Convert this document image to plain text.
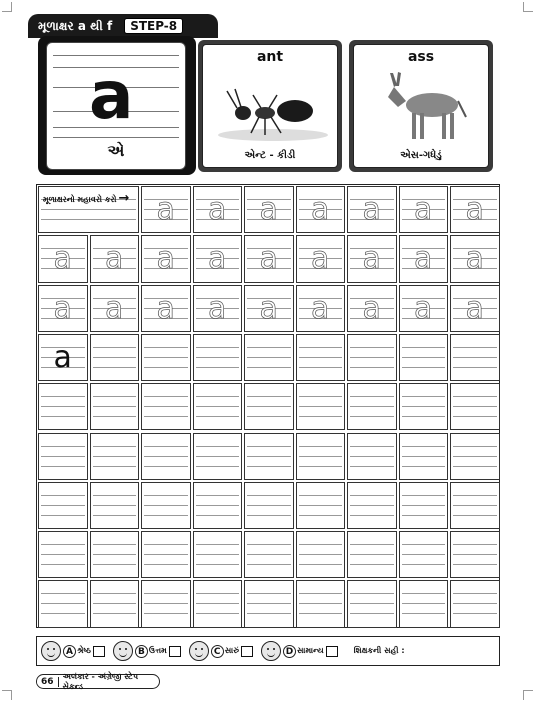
મૂળાક્ષર a થી f	STEP-8
a
એ
ant
એન્ટ - કીડી
ass
એસ-ગધેડું
મૂળાક્ષરનો મહાવરો કરો → a	a	a	a	a	a	a
a	a	a	a	a	a	a	a	a
a	a	a	a	a	a	a	a	a
a
A શ્રેષ્ઠ	B ઉત્તમ	C સારું	D સામાન્ય	શિક્ષકની સહી :
66
અલંકાર - અંગ્રેજી સ્ટેપ સેકન્ડ
